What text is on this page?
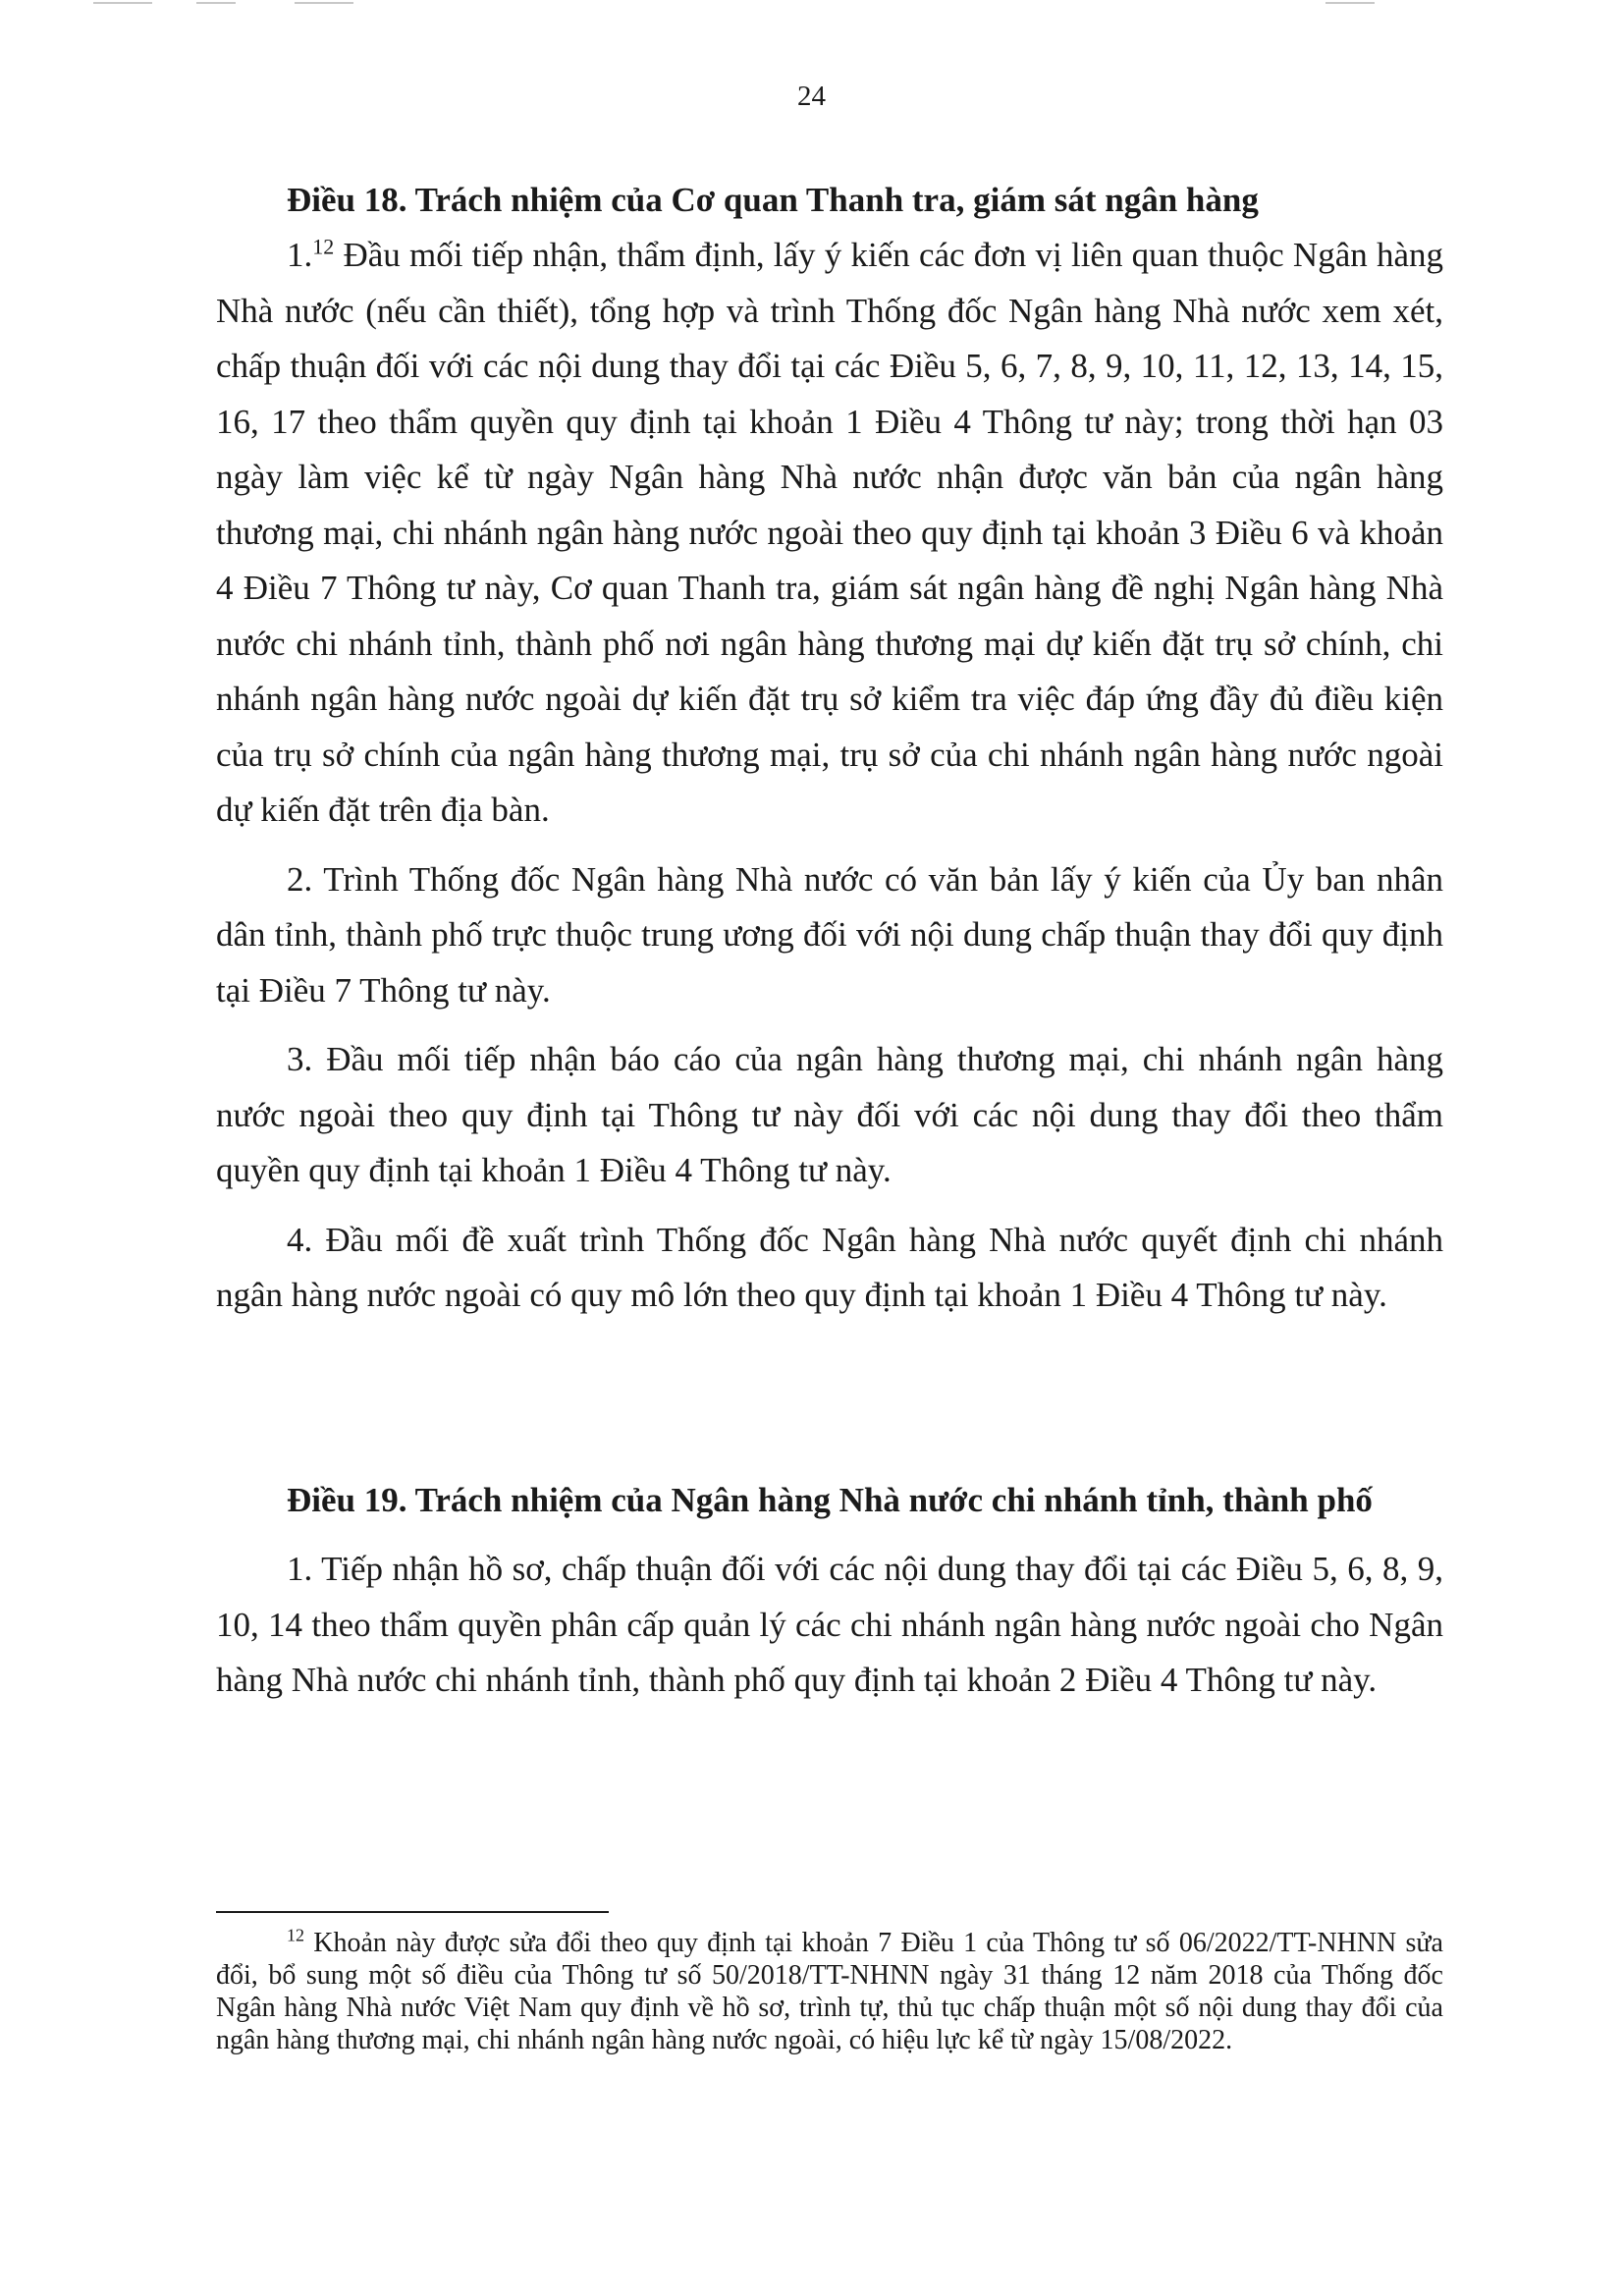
24

Điều 18. Trách nhiệm của Cơ quan Thanh tra, giám sát ngân hàng

1.12 Đầu mối tiếp nhận, thẩm định, lấy ý kiến các đơn vị liên quan thuộc Ngân hàng Nhà nước (nếu cần thiết), tổng hợp và trình Thống đốc Ngân hàng Nhà nước xem xét, chấp thuận đối với các nội dung thay đổi tại các Điều 5, 6, 7, 8, 9, 10, 11, 12, 13, 14, 15, 16, 17 theo thẩm quyền quy định tại khoản 1 Điều 4 Thông tư này; trong thời hạn 03 ngày làm việc kể từ ngày Ngân hàng Nhà nước nhận được văn bản của ngân hàng thương mại, chi nhánh ngân hàng nước ngoài theo quy định tại khoản 3 Điều 6 và khoản 4 Điều 7 Thông tư này, Cơ quan Thanh tra, giám sát ngân hàng đề nghị Ngân hàng Nhà nước chi nhánh tỉnh, thành phố nơi ngân hàng thương mại dự kiến đặt trụ sở chính, chi nhánh ngân hàng nước ngoài dự kiến đặt trụ sở kiểm tra việc đáp ứng đầy đủ điều kiện của trụ sở chính của ngân hàng thương mại, trụ sở của chi nhánh ngân hàng nước ngoài dự kiến đặt trên địa bàn.

2. Trình Thống đốc Ngân hàng Nhà nước có văn bản lấy ý kiến của Ủy ban nhân dân tỉnh, thành phố trực thuộc trung ương đối với nội dung chấp thuận thay đổi quy định tại Điều 7 Thông tư này.

3. Đầu mối tiếp nhận báo cáo của ngân hàng thương mại, chi nhánh ngân hàng nước ngoài theo quy định tại Thông tư này đối với các nội dung thay đổi theo thẩm quyền quy định tại khoản 1 Điều 4 Thông tư này.

4. Đầu mối đề xuất trình Thống đốc Ngân hàng Nhà nước quyết định chi nhánh ngân hàng nước ngoài có quy mô lớn theo quy định tại khoản 1 Điều 4 Thông tư này.

Điều 19. Trách nhiệm của Ngân hàng Nhà nước chi nhánh tỉnh, thành phố

1. Tiếp nhận hồ sơ, chấp thuận đối với các nội dung thay đổi tại các Điều 5, 6, 8, 9, 10, 14 theo thẩm quyền phân cấp quản lý các chi nhánh ngân hàng nước ngoài cho Ngân hàng Nhà nước chi nhánh tỉnh, thành phố quy định tại khoản 2 Điều 4 Thông tư này.

$^{12}$ Khoản này được sửa đổi theo quy định tại khoản 7 Điều 1 của Thông tư số 06/2022/TT-NHNN sửa đổi, bổ sung một số điều của Thông tư số 50/2018/TT-NHNN ngày 31 tháng 12 năm 2018 của Thống đốc Ngân hàng Nhà nước Việt Nam quy định về hồ sơ, trình tự, thủ tục chấp thuận một số nội dung thay đổi của ngân hàng thương mại, chi nhánh ngân hàng nước ngoài, có hiệu lực kể từ ngày 15/08/2022.
